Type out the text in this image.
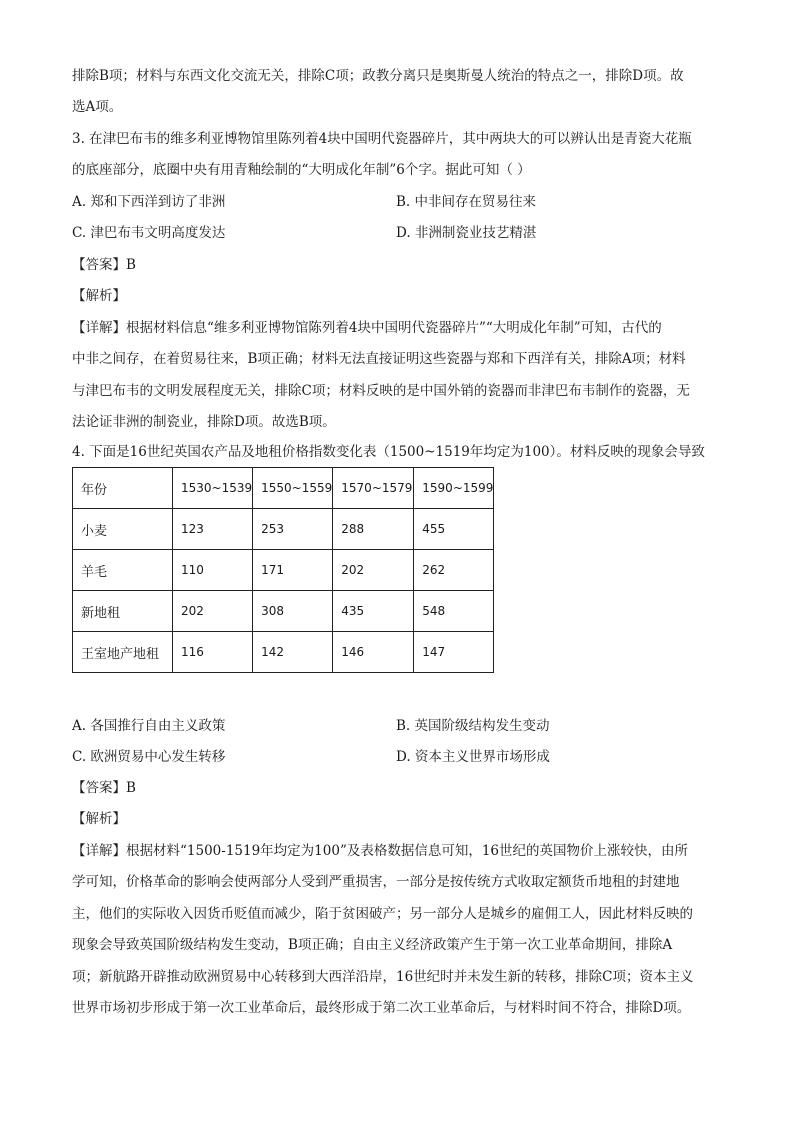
排除B项；材料与东西文化交流无关，排除C项；政教分离只是奥斯曼人统治的特点之一，排除D项。故
选A项。
3. 在津巴布韦的维多利亚博物馆里陈列着4块中国明代瓷器碎片，其中两块大的可以辨认出是青瓷大花瓶
的底座部分，底圈中央有用青釉绘制的“大明成化年制”6个字。据此可知（ ）
A. 郑和下西洋到访了非洲	B. 中非间存在贸易往来
C. 津巴布韦文明高度发达	D. 非洲制瓷业技艺精湛
【答案】B
【解析】
【详解】根据材料信息“维多利亚博物馆陈列着4块中国明代瓷器碎片”“大明成化年制”可知，古代的
中非之间存，在着贸易往来，B项正确；材料无法直接证明这些瓷器与郑和下西洋有关，排除A项；材料
与津巴布韦的文明发展程度无关，排除C项；材料反映的是中国外销的瓷器而非津巴布韦制作的瓷器，无
法论证非洲的制瓷业，排除D项。故选B项。
4. 下面是16世纪英国农产品及地租价格指数变化表（1500~1519年均定为100）。材料反映的现象会导致
年份	1530~1539	1550~1559	1570~1579	1590~1599
小麦	123	253	288	455
羊毛	110	171	202	262
新地租	202	308	435	548
王室地产地租	116	142	146	147
A. 各国推行自由主义政策	B. 英国阶级结构发生变动
C. 欧洲贸易中心发生转移	D. 资本主义世界市场形成
【答案】B
【解析】
【详解】根据材料“1500-1519年均定为100”及表格数据信息可知，16世纪的英国物价上涨较快，由所
学可知，价格革命的影响会使两部分人受到严重损害，一部分是按传统方式收取定额货币地租的封建地
主，他们的实际收入因货币贬值而减少，陷于贫困破产；另一部分人是城乡的雇佣工人，因此材料反映的
现象会导致英国阶级结构发生变动，B项正确；自由主义经济政策产生于第一次工业革命期间，排除A
项；新航路开辟推动欧洲贸易中心转移到大西洋沿岸，16世纪时并未发生新的转移，排除C项；资本主义
世界市场初步形成于第一次工业革命后，最终形成于第二次工业革命后，与材料时间不符合，排除D项。
